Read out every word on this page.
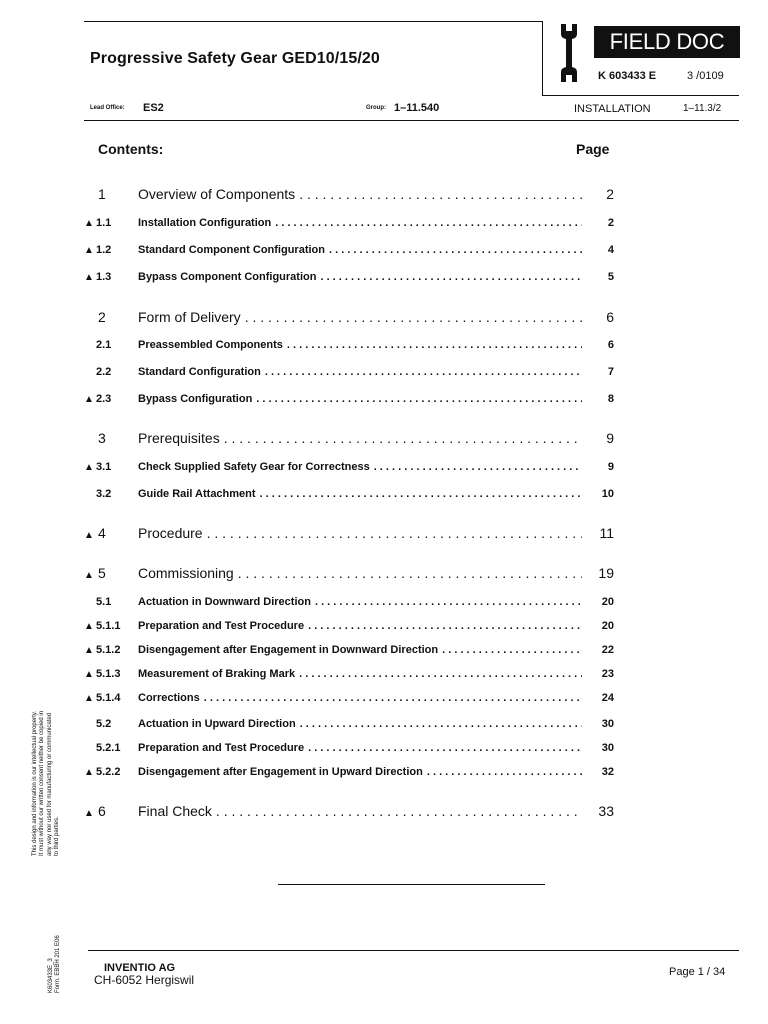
Progressive Safety Gear GED10/15/20
FIELD DOC
K 603433 E	3 /0109
Lead Office: ES2	Group: 1–11.540	INSTALLATION	1–11.3/2
Contents:	Page
1	Overview of Components . . .	2
▲ 1.1	Installation Configuration . . .	2
▲ 1.2	Standard Component Configuration . . .	4
▲ 1.3	Bypass Component Configuration . . .	5
2	Form of Delivery . . .	6
2.1	Preassembled Components . . .	6
2.2	Standard Configuration . . .	7
▲ 2.3	Bypass Configuration . . .	8
3	Prerequisites . . .	9
▲ 3.1	Check Supplied Safety Gear for Correctness . . .	9
3.2	Guide Rail Attachment . . .	10
▲ 4	Procedure . . .	11
▲ 5	Commissioning . . .	19
5.1	Actuation in Downward Direction . . .	20
▲ 5.1.1	Preparation and Test Procedure . . .	20
▲ 5.1.2	Disengagement after Engagement in Downward Direction . . .	22
▲ 5.1.3	Measurement of Braking Mark . . .	23
▲ 5.1.4	Corrections . . .	24
5.2	Actuation in Upward Direction . . .	30
5.2.1	Preparation and Test Procedure . . .	30
▲ 5.2.2	Disengagement after Engagement in Upward Direction . . .	32
▲ 6	Final Check . . .	33
This design and information is our intellectual property. It must without our written consent neither be copied in any way nor used for manufacturing or communicated to third parties.
K603433E_3 Form. EBBH 201 E06	INVENTIO AG
CH-6052 Hergiswil
Page 1 / 34
